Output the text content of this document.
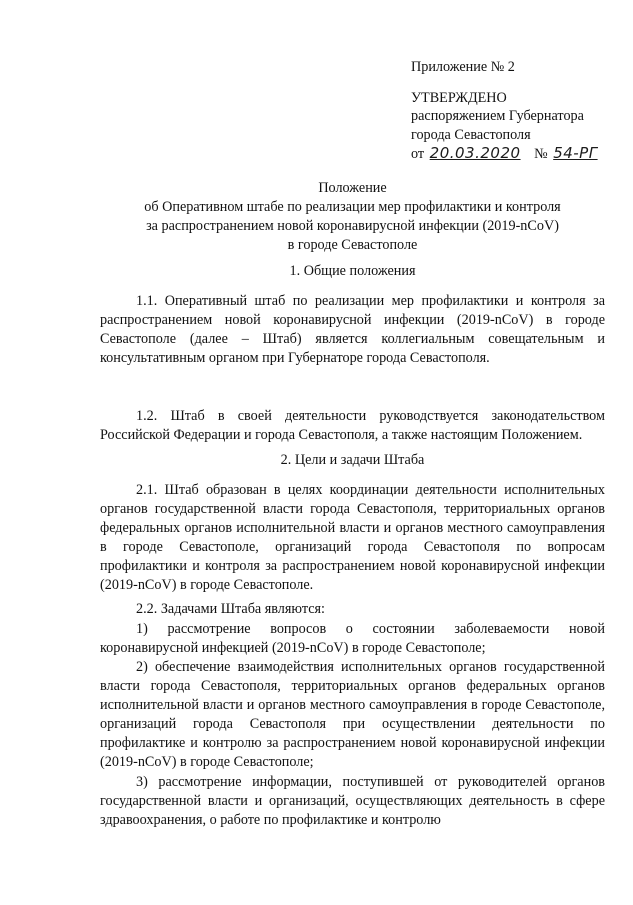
Приложение № 2
УТВЕРЖДЕНО
распоряжением Губернатора
города Севастополя
от 20.03.2020 № 54-РГ
Положение
об Оперативном штабе по реализации мер профилактики и контроля
за распространением новой коронавирусной инфекции (2019-nCoV)
в городе Севастополе
1. Общие положения
1.1. Оперативный штаб по реализации мер профилактики и контроля за распространением новой коронавирусной инфекции (2019-nCoV) в городе Севастополе (далее – Штаб) является коллегиальным совещательным и консультативным органом при Губернаторе города Севастополя.
1.2. Штаб в своей деятельности руководствуется законодательством Российской Федерации и города Севастополя, а также настоящим Положением.
2. Цели и задачи Штаба
2.1. Штаб образован в целях координации деятельности исполнительных органов государственной власти города Севастополя, территориальных органов федеральных органов исполнительной власти и органов местного самоуправления в городе Севастополе, организаций города Севастополя по вопросам профилактики и контроля за распространением новой коронавирусной инфекции (2019-nCoV) в городе Севастополе.
2.2. Задачами Штаба являются:
1) рассмотрение вопросов о состоянии заболеваемости новой коронавирусной инфекцией (2019-nCoV) в городе Севастополе;
2) обеспечение взаимодействия исполнительных органов государственной власти города Севастополя, территориальных органов федеральных органов исполнительной власти и органов местного самоуправления в городе Севастополе, организаций города Севастополя при осуществлении деятельности по профилактике и контролю за распространением новой коронавирусной инфекции (2019-nCoV) в городе Севастополе;
3) рассмотрение информации, поступившей от руководителей органов государственной власти и организаций, осуществляющих деятельность в сфере здравоохранения, о работе по профилактике и контролю
